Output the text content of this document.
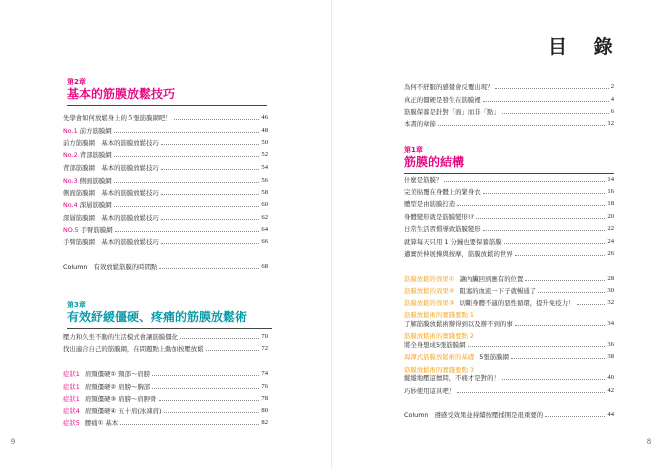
目 錄
第2章
基本的筋膜放鬆技巧
先學會如何放鬆身上的５張筋膜網吧！	46
No.1 前方筋膜網	48
前方筋膜網　基本的筋膜放鬆技巧	50
No.2 背部筋膜網	52
背部筋膜網　基本的筋膜放鬆技巧	54
No.3 側面筋膜網	56
側面筋膜網　基本的筋膜放鬆技巧	58
No.4 深層筋膜網	60
深層筋膜網　基本的筋膜放鬆技巧	62
NO.5 手臂筋膜網	64
手臂筋膜網　基本的筋膜放鬆技巧	66
Column 有效放鬆筋膜的時間點	68
第3章
有效紓緩僵硬、疼痛的筋膜放鬆術
壓力和久坐不動的生活模式會讓筋膜僵化	70
找出適合自己的筋膜網，在問題點上動加按壓放鬆	72
症狀1 肩頸僵硬① 頸部～肩膀	74
症狀1 肩頸僵硬② 肩膀～胸部	76
症狀1 肩頸僵硬③ 肩膀～肩胛骨	78
症狀4 肩頸僵硬④ 五十肩(冰凍肩)	80
症狀5 腰痛① 基本	82
9
為何不舒服的感覺會反覆出現？	2
真正的僵硬是發生在筋膜裡	4
筋膜保養是針對「面」而非「點」	6
本書的章節	12
第1章
筋膜的結構
什麼是筋膜？	14
完美貼覆在身體上的緊身衣	16
體型是由筋膜打造	18
身體變形就是筋膜變形!?	20
日常生活習慣導致筋膜變形	22
就算每天只用 1 分鐘也要保養筋膜	24
邁實於伸展操與按摩，筋膜放鬆的世界	26
筋膜放鬆的效果① 讓內臟回到應有的位置	28
筋膜放鬆的效果② 阻塞的血流一下子就暢通了	30
筋膜放鬆的效果③ 切斷身體不適的惡性循環，提升免疫力！	32
筋膜放鬆術的實踐要點 1
了解筋膜放鬆術辦得到以及辦不到的事	34
筋膜放鬆術的實踐要點 2
將全身想成5張筋膜網	36
海渾式筋膜放鬆術的基礎 5張筋膜網	38
筋膜放鬆術的實踐要點 3
縱縱地壓這擅問，不痛才是對的！	40
巧妙使用這具吧！	42
Column 遵感受效果並持續按壓揉開是很重要的	44
8
